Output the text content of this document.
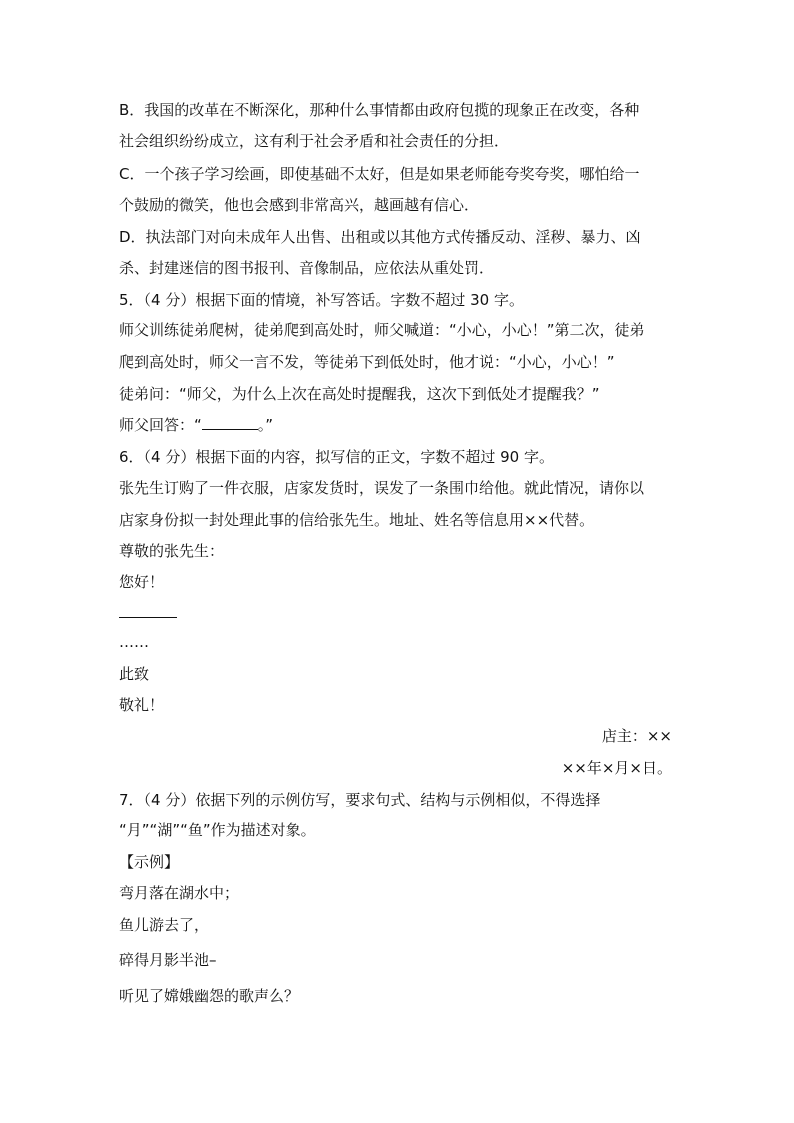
B．我国的改革在不断深化，那种什么事情都由政府包揽的现象正在改变，各种
社会组织纷纷成立，这有利于社会矛盾和社会责任的分担．
C．一个孩子学习绘画，即使基础不太好，但是如果老师能夸奖夸奖，哪怕给一
个鼓励的微笑，他也会感到非常高兴，越画越有信心．
D．执法部门对向未成年人出售、出租或以其他方式传播反动、淫秽、暴力、凶
杀、封建迷信的图书报刊、音像制品，应依法从重处罚．
5．（4 分）根据下面的情境，补写答话。字数不超过 30 字。
师父训练徒弟爬树，徒弟爬到高处时，师父喊道：“小心，小心！”第二次，徒弟
爬到高处时，师父一言不发，等徒弟下到低处时，他才说：“小心，小心！”
徒弟问：“师父，为什么上次在高处时提醒我，这次下到低处才提醒我？”
师父回答：“	。”
6．（4 分）根据下面的内容，拟写信的正文，字数不超过 90 字。
张先生订购了一件衣服，店家发货时，误发了一条围巾给他。就此情况，请你以
店家身份拟一封处理此事的信给张先生。地址、姓名等信息用××代替。
尊敬的张先生：
您好！
……
此致
敬礼！
店主：××
××年×月×日。
7．（4 分）依据下列的示例仿写，要求句式、结构与示例相似，不得选择
“月”“湖”“鱼”作为描述对象。
【示例】
弯月落在湖水中；
鱼儿游去了，
碎得月影半池–
听见了嫦娥幽怨的歌声么？
